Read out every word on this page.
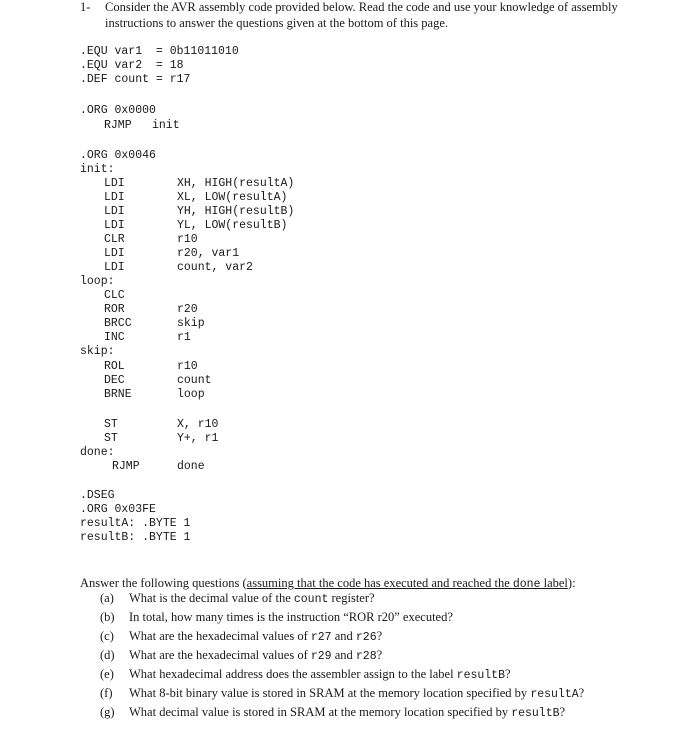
1- Consider the AVR assembly code provided below. Read the code and use your knowledge of assembly instructions to answer the questions given at the bottom of this page.
.EQU var1  = 0b11011010
.EQU var2  = 18
.DEF count = r17
.ORG 0x0000
RJMP init
.ORG 0x0046
init:
LDI	XH, HIGH(resultA)
LDI	XL, LOW(resultA)
LDI	YH, HIGH(resultB)
LDI	YL, LOW(resultB)
CLR	r10
LDI	r20, var1
LDI	count, var2
loop:
CLC
ROR	r20
BRCC	skip
INC	r1
skip:
ROL	r10
DEC	count
BRNE	loop
ST	X, r10
ST	Y+, r1
done:
RJMP	done
.DSEG
.ORG 0x03FE
resultA: .BYTE 1
resultB: .BYTE 1
Answer the following questions (assuming that the code has executed and reached the done label):
(a) What is the decimal value of the count register?
(b) In total, how many times is the instruction “ROR r20” executed?
(c) What are the hexadecimal values of r27 and r26?
(d) What are the hexadecimal values of r29 and r28?
(e) What hexadecimal address does the assembler assign to the label resultB?
(f) What 8-bit binary value is stored in SRAM at the memory location specified by resultA?
(g) What decimal value is stored in SRAM at the memory location specified by resultB?
